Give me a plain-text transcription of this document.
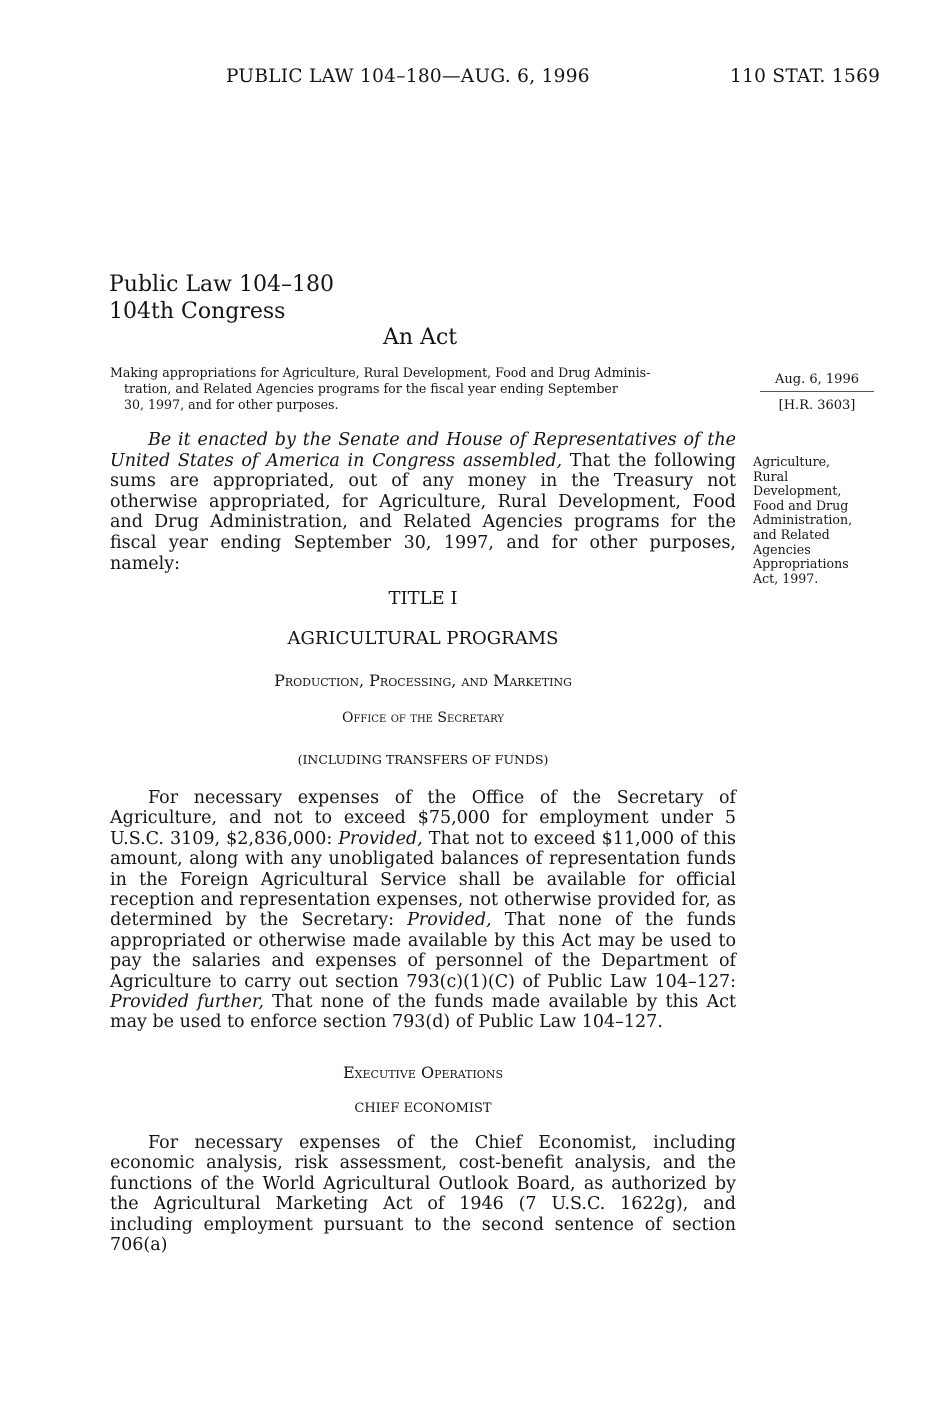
PUBLIC LAW 104–180—AUG. 6, 1996	110 STAT. 1569
Public Law 104–180
104th Congress
An Act
Making appropriations for Agriculture, Rural Development, Food and Drug Adminis-
tration, and Related Agencies programs for the fiscal year ending September
30, 1997, and for other purposes.
Aug. 6, 1996
[H.R. 3603]
Agriculture,
Rural
Development,
Food and Drug
Administration,
and Related
Agencies
Appropriations
Act, 1997.
Be it enacted by the Senate and House of Representatives of the United States of America in Congress assembled, That the following sums are appropriated, out of any money in the Treasury not otherwise appropriated, for Agriculture, Rural Development, Food and Drug Administration, and Related Agencies programs for the fiscal year ending September 30, 1997, and for other purposes, namely:
TITLE I
AGRICULTURAL PROGRAMS
Production, Processing, and Marketing
Office of the Secretary
(INCLUDING TRANSFERS OF FUNDS)
For necessary expenses of the Office of the Secretary of Agriculture, and not to exceed $75,000 for employment under 5 U.S.C. 3109, $2,836,000: Provided, That not to exceed $11,000 of this amount, along with any unobligated balances of representation funds in the Foreign Agricultural Service shall be available for official reception and representation expenses, not otherwise provided for, as determined by the Secretary: Provided, That none of the funds appropriated or otherwise made available by this Act may be used to pay the salaries and expenses of personnel of the Department of Agriculture to carry out section 793(c)(1)(C) of Public Law 104–127: Provided further, That none of the funds made available by this Act may be used to enforce section 793(d) of Public Law 104–127.
Executive Operations
CHIEF ECONOMIST
For necessary expenses of the Chief Economist, including economic analysis, risk assessment, cost-benefit analysis, and the functions of the World Agricultural Outlook Board, as authorized by the Agricultural Marketing Act of 1946 (7 U.S.C. 1622g), and including employment pursuant to the second sentence of section 706(a)
